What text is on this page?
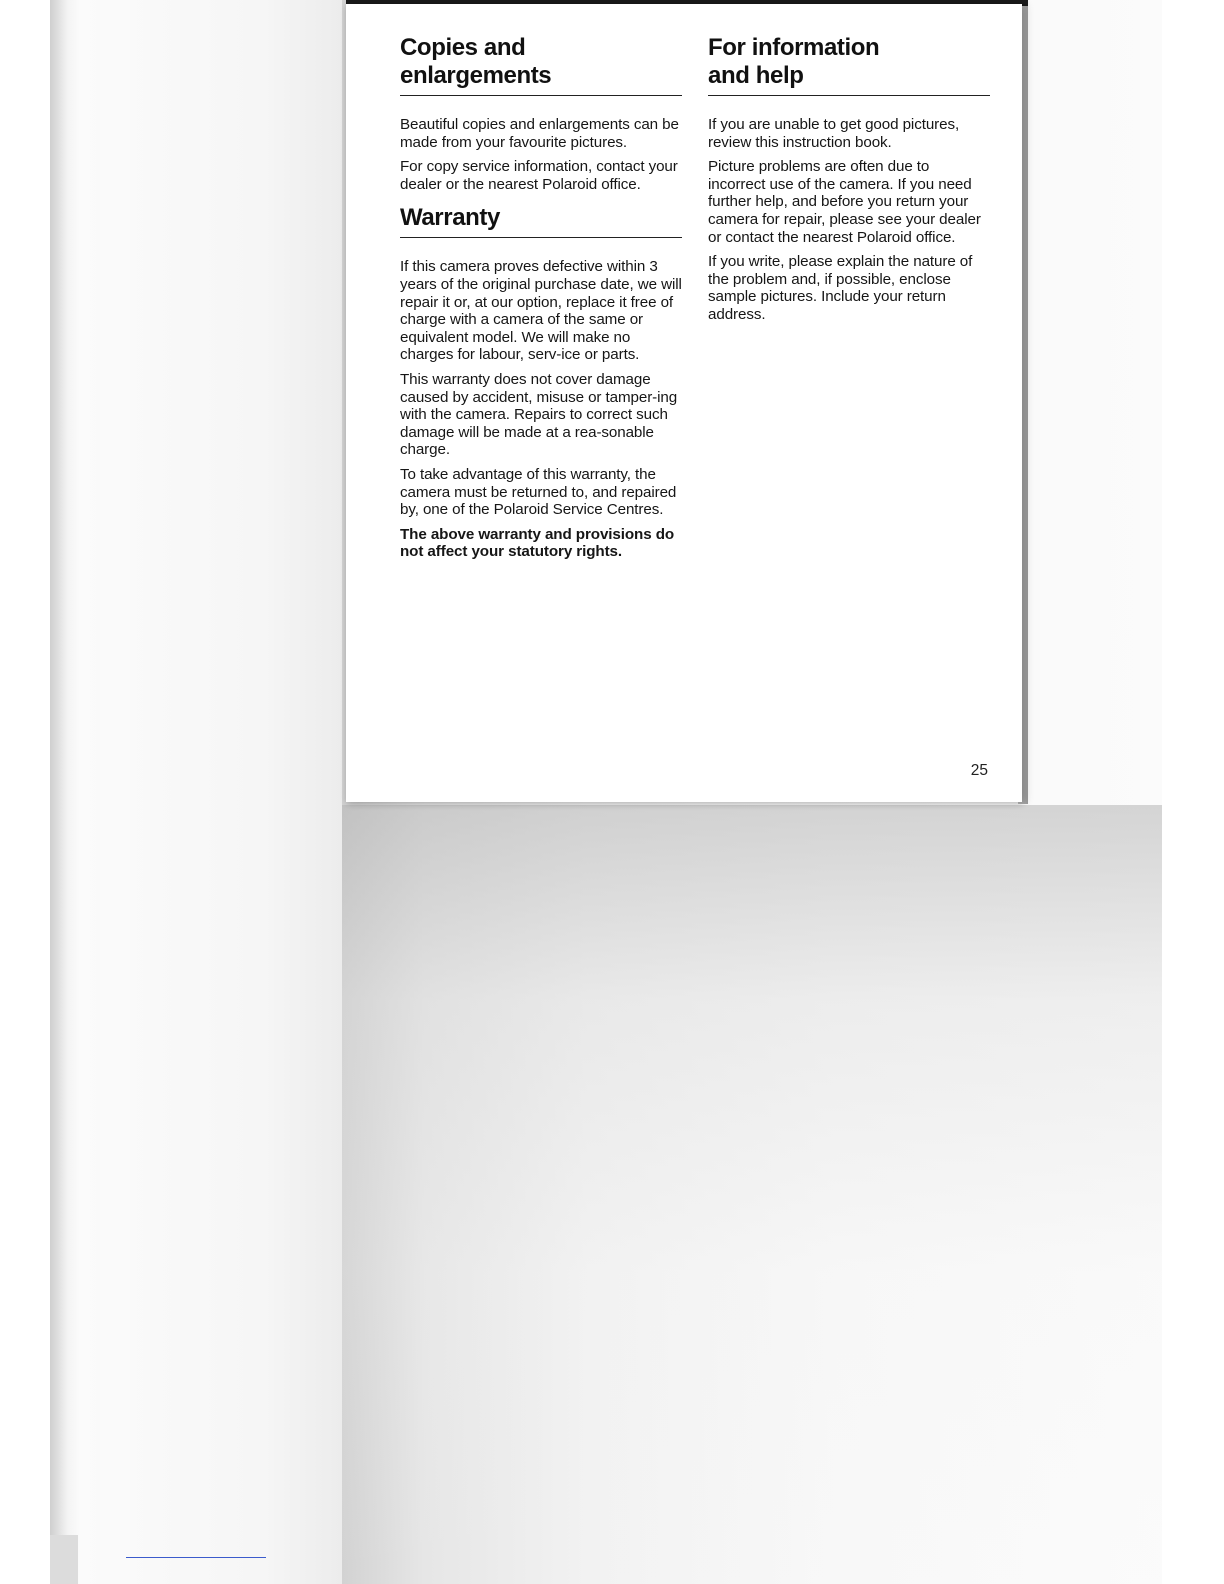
Copies and
enlargements

Beautiful copies and enlargements can be made from your favourite pictures.

For copy service information, contact your dealer or the nearest Polaroid office.

Warranty

If this camera proves defective within 3 years of the original purchase date, we will repair it or, at our option, replace it free of charge with a camera of the same or equivalent model. We will make no charges for labour, serv-ice or parts.

This warranty does not cover damage caused by accident, misuse or tamper-ing with the camera. Repairs to correct such damage will be made at a rea-sonable charge.

To take advantage of this warranty, the camera must be returned to, and repaired by, one of the Polaroid Service Centres.

The above warranty and provisions do not affect your statutory rights.

For information
and help

If you are unable to get good pictures, review this instruction book.

Picture problems are often due to incorrect use of the camera. If you need further help, and before you return your camera for repair, please see your dealer or contact the nearest Polaroid office.

If you write, please explain the nature of the problem and, if possible, enclose sample pictures. Include your return address.

25
